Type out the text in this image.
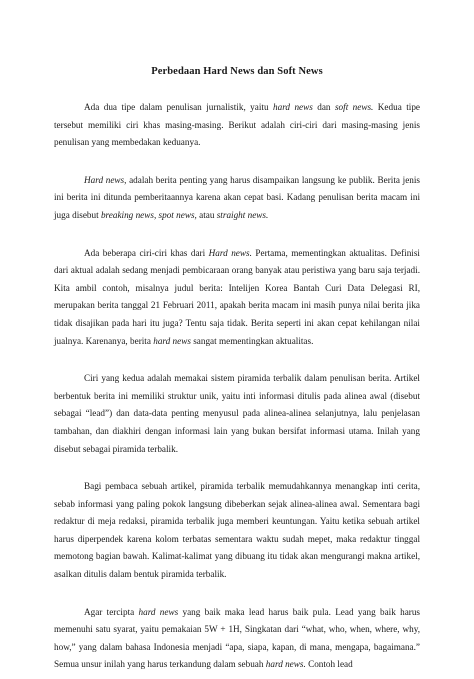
Perbedaan Hard News dan Soft News

Ada dua tipe dalam penulisan jurnalistik, yaitu hard news dan soft news. Kedua tipe tersebut memiliki ciri khas masing-masing. Berikut adalah ciri-ciri dari masing-masing jenis penulisan yang membedakan keduanya.

Hard news, adalah berita penting yang harus disampaikan langsung ke publik. Berita jenis ini berita ini ditunda pemberitaannya karena akan cepat basi. Kadang penulisan berita macam ini juga disebut breaking news, spot news, atau straight news.

Ada beberapa ciri-ciri khas dari Hard news. Pertama, mementingkan aktualitas. Definisi dari aktual adalah sedang menjadi pembicaraan orang banyak atau peristiwa yang baru saja terjadi. Kita ambil contoh, misalnya judul berita: Intelijen Korea Bantah Curi Data Delegasi RI, merupakan berita tanggal 21 Februari 2011, apakah berita macam ini masih punya nilai berita jika tidak disajikan pada hari itu juga? Tentu saja tidak. Berita seperti ini akan cepat kehilangan nilai jualnya. Karenanya, berita hard news sangat mementingkan aktualitas.

Ciri yang kedua adalah memakai sistem piramida terbalik dalam penulisan berita. Artikel berbentuk berita ini memiliki struktur unik, yaitu inti informasi ditulis pada alinea awal (disebut sebagai “lead”) dan data-data penting menyusul pada alinea-alinea selanjutnya, lalu penjelasan tambahan, dan diakhiri dengan informasi lain yang bukan bersifat informasi utama. Inilah yang disebut sebagai piramida terbalik.

Bagi pembaca sebuah artikel, piramida terbalik memudahkannya menangkap inti cerita, sebab informasi yang paling pokok langsung dibeberkan sejak alinea-alinea awal. Sementara bagi redaktur di meja redaksi, piramida terbalik juga memberi keuntungan. Yaitu ketika sebuah artikel harus diperpendek karena kolom terbatas sementara waktu sudah mepet, maka redaktur tinggal memotong bagian bawah. Kalimat-kalimat yang dibuang itu tidak akan mengurangi makna artikel, asalkan ditulis dalam bentuk piramida terbalik.

Agar tercipta hard news yang baik maka lead harus baik pula. Lead yang baik harus memenuhi satu syarat, yaitu pemakaian 5W + 1H, Singkatan dari “what, who, when, where, why, how,” yang dalam bahasa Indonesia menjadi “apa, siapa, kapan, di mana, mengapa, bagaimana.” Semua unsur inilah yang harus terkandung dalam sebuah hard news. Contoh lead
